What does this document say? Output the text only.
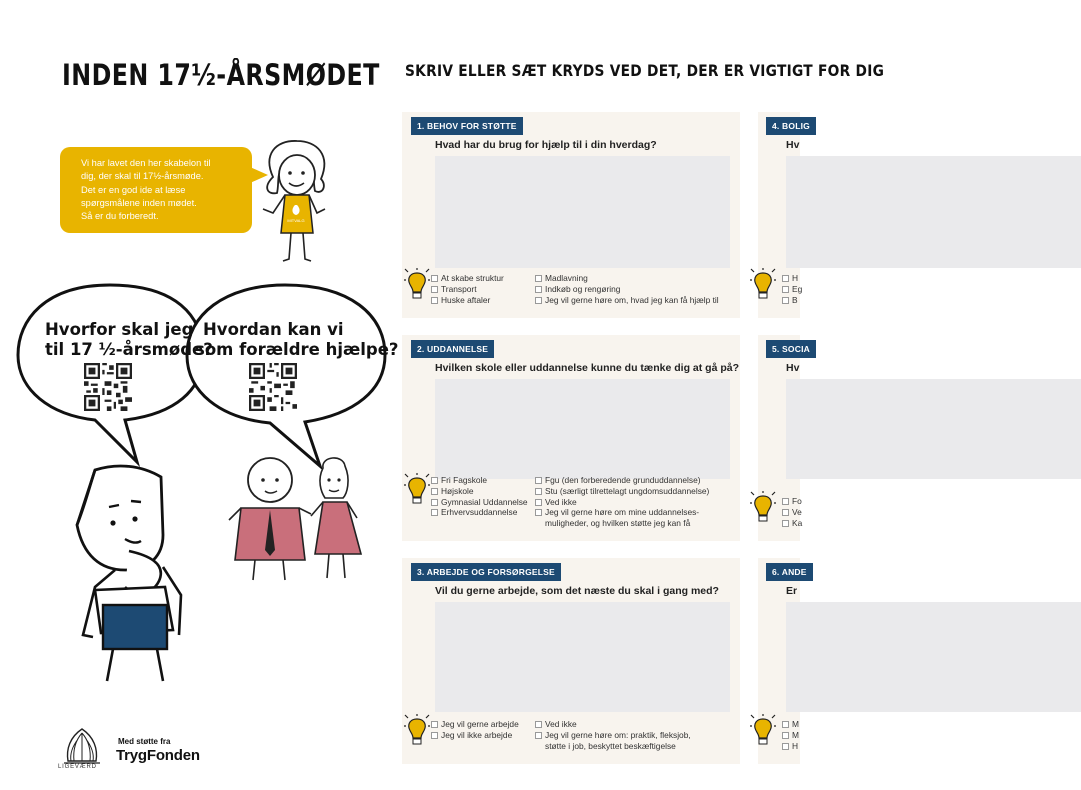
INDEN 17½-ÅRSMØDET SKRIV ELLER SÆT KRYDS VED DET, DER ER VIGTIGT FOR DIG
Vi har lavet den her skabelon til
dig, der skal til 17½-årsmøde.
Det er en god ide at læse
spørgsmålene inden mødet.
Så er du forberedt.	MITVALG
Hvorfor skal jeg
til 17 ½-årsmøde?
Hvordan kan vi
som forældre hjælpe?
1. BEHOV FOR STØTTE
Hvad har du brug for hjælp til i din hverdag?
At skabe struktur
Transport
Huske aftaler
Madlavning
Indkøb og rengøring
Jeg vil gerne høre om, hvad jeg kan få hjælp til
2. UDDANNELSE
Hvilken skole eller uddannelse kunne du tænke dig at gå på?
Fri Fagskole
Højskole
Gymnasial Uddannelse
Erhvervsuddannelse
Fgu (den forberedende grunduddannelse)
Stu (særligt tilrettelagt ungdomsuddannelse)
Ved ikke
Jeg vil gerne høre om mine uddannelses-
muligheder, og hvilken støtte jeg kan få
3. ARBEJDE OG FORSØRGELSE
Vil du gerne arbejde, som det næste du skal i gang med?
Jeg vil gerne arbejde
Jeg vil ikke arbejde
Ved ikke
Jeg vil gerne høre om: praktik, fleksjob,
støtte i job, beskyttet beskæftigelse
4. BOLIG
Hv
H
Eg
B
5. SOCIA
Hv
Fo
Ve
Ka
6. ANDE
Er
M
M
H
LIGEVÆRD
Med støtte fra
TrygFonden
